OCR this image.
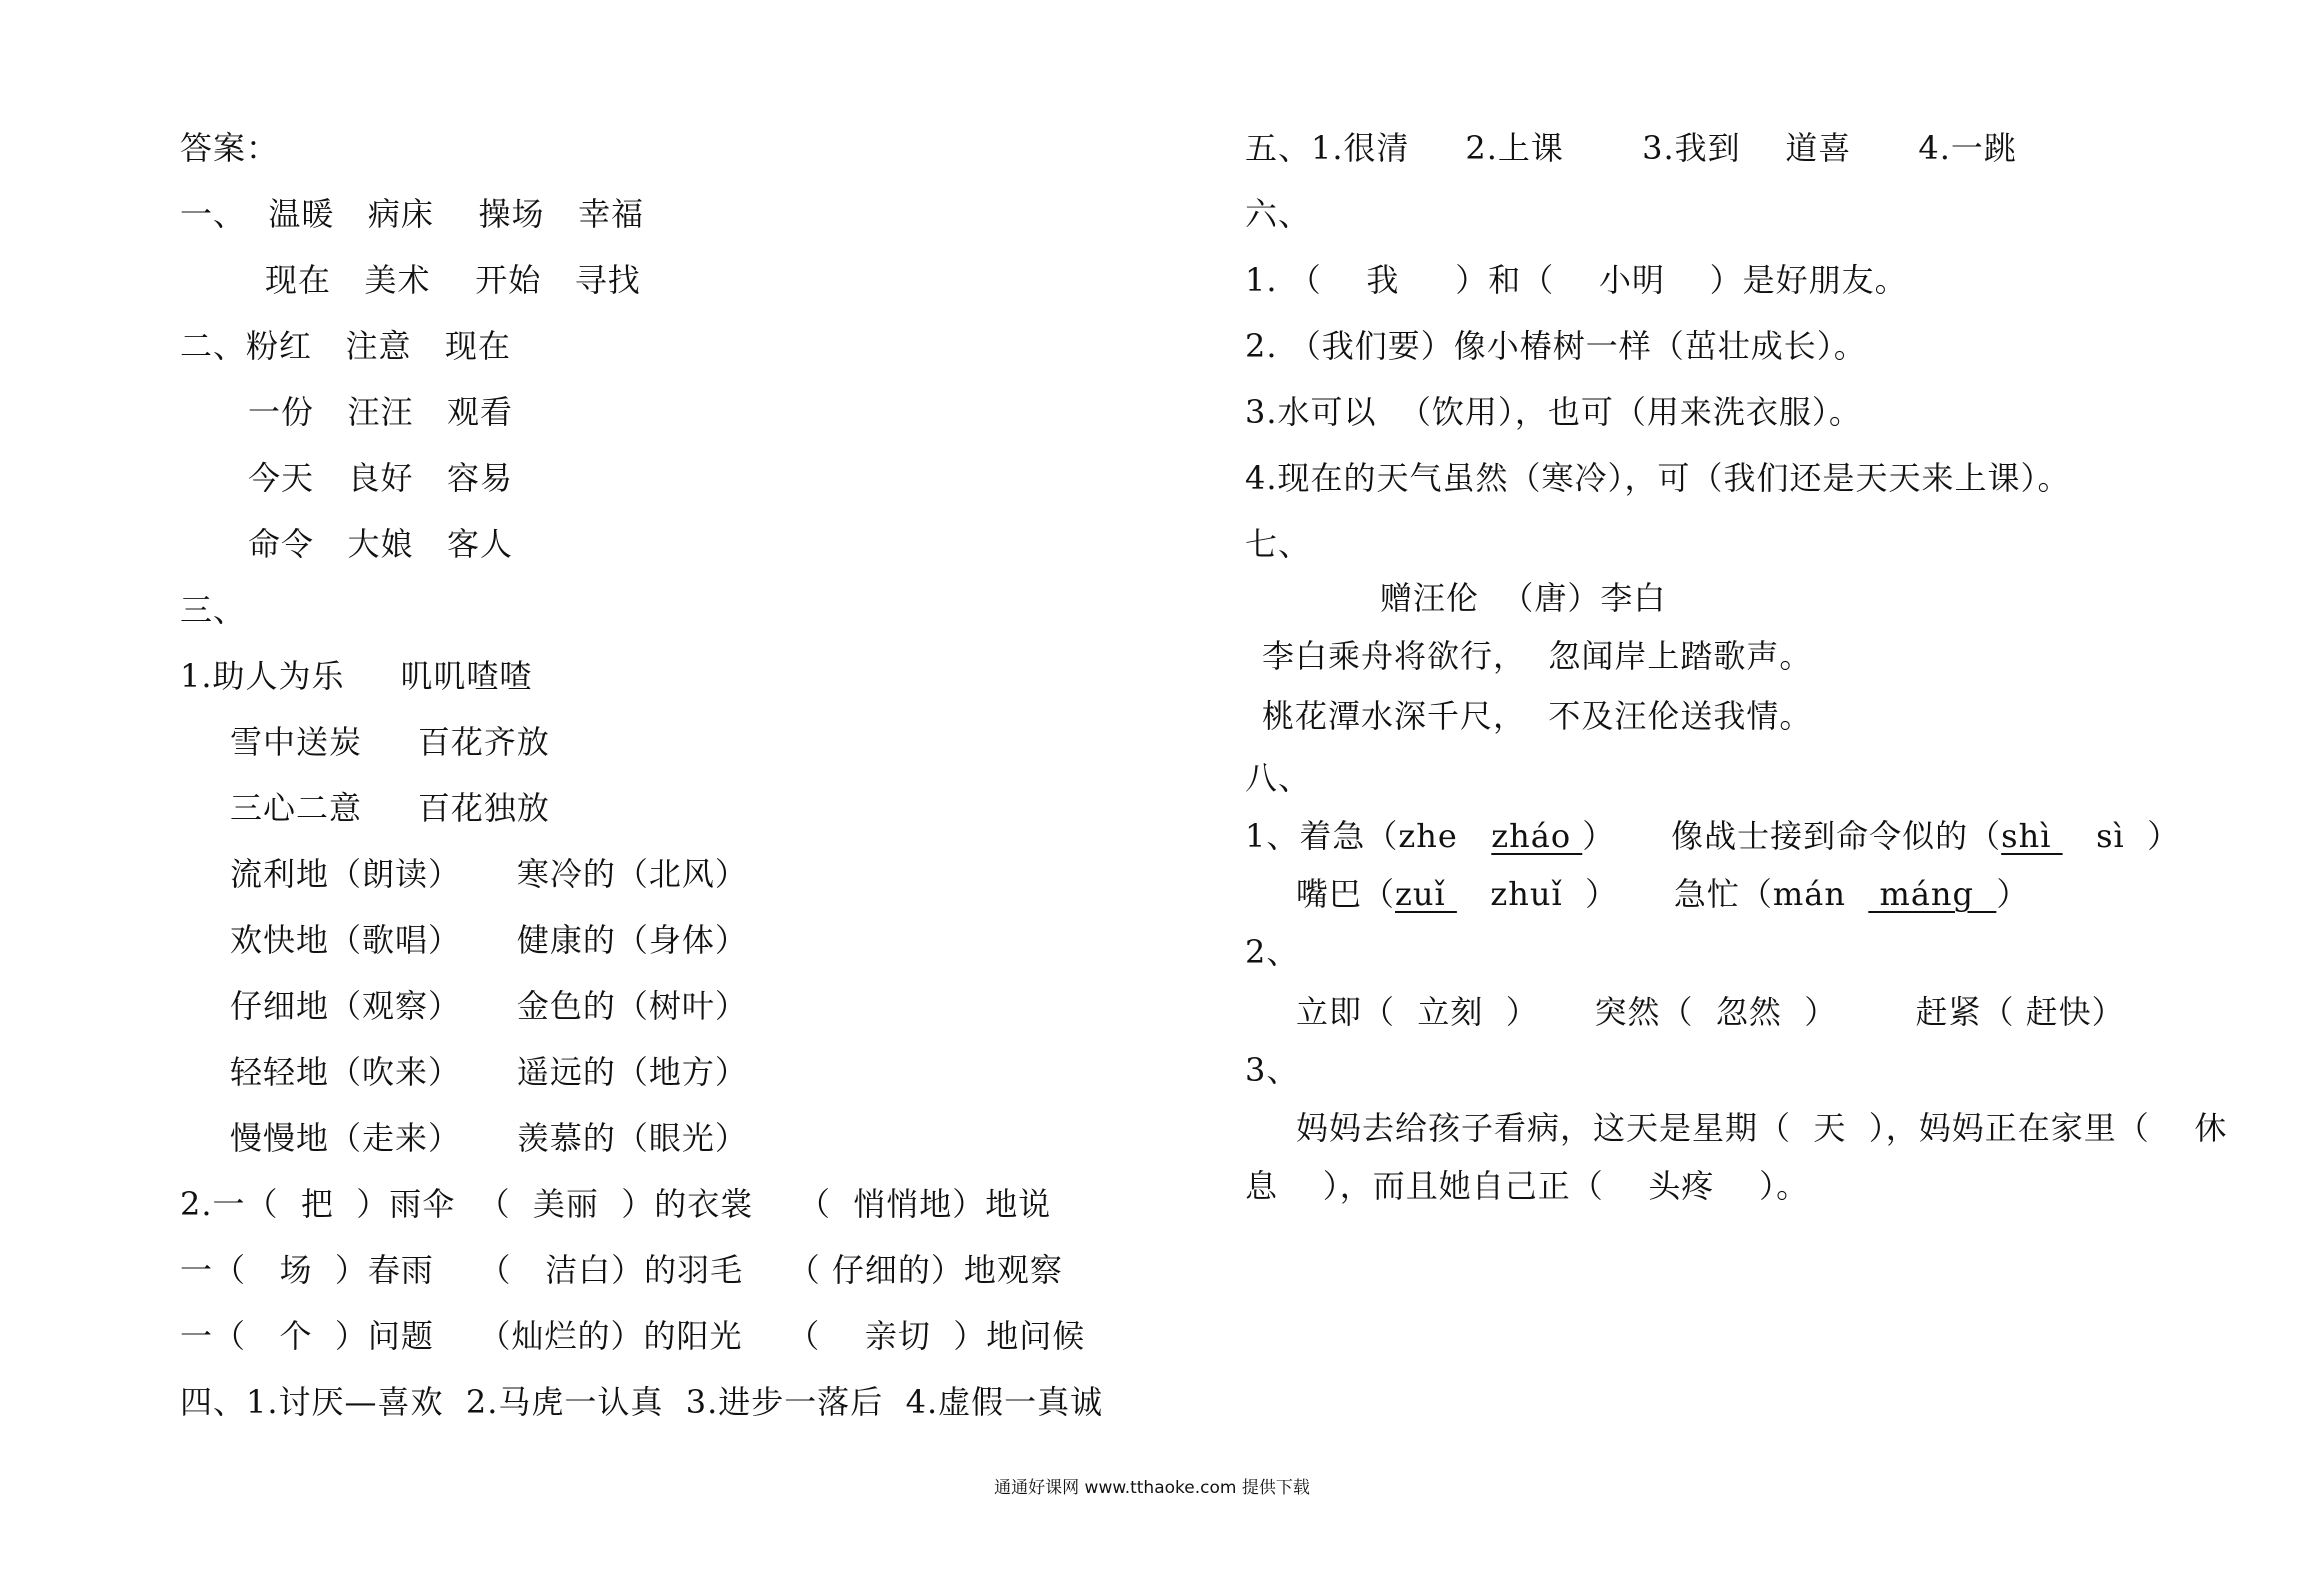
答案：
一、  温暖   病床    操场   幸福
现在   美术    开始   寻找
二、粉红   注意   现在
一份   汪汪   观看
今天   良好   容易
命令   大娘   客人
三、
1.助人为乐     叽叽喳喳
雪中送炭     百花齐放
三心二意     百花独放
流利地（朗读）     寒冷的（北风）
欢快地（歌唱）     健康的（身体）
仔细地（观察）     金色的（树叶）
轻轻地（吹来）     遥远的（地方）
慢慢地（走来）     羡慕的（眼光）
2.一（  把  ）雨伞  （  美丽  ）的衣裳    （  悄悄地）地说
一（   场  ）春雨    （   洁白）的羽毛    （ 仔细的）地观察
一（   个  ）问题    （灿烂的）的阳光    （    亲切  ）地问候
四、1.讨厌—喜欢  2.马虎一认真  3.进步一落后  4.虚假一真诚
五、1.很清     2.上课       3.我到    道喜      4.一跳
六、
1. （    我     ）和（    小明    ）是好朋友。
2. （我们要）像小椿树一样（茁壮成长）。
3.水可以  （饮用），也可（用来洗衣服）。
4.现在的天气虽然（寒冷），可（我们还是天天来上课）。
七、
赠汪伦  （唐）李白
李白乘舟将欲行，  忽闻岸上踏歌声。
桃花潭水深千尺，  不及汪伦送我情。
八、
1、着急（zhe   zháo ）     像战士接到命令似的（shì    sì  ）
嘴巴（zuǐ    zhuǐ  ）     急忙（mán   máng  ）
2、
立即（  立刻  ）     突然（  忽然  ）       赶紧（ 赶快）
3、
妈妈去给孩子看病，这天是星期（  天  ），妈妈正在家里（    休
息    ），而且她自己正（    头疼    ）。
通通好课网 www.tthaoke.com 提供下载
